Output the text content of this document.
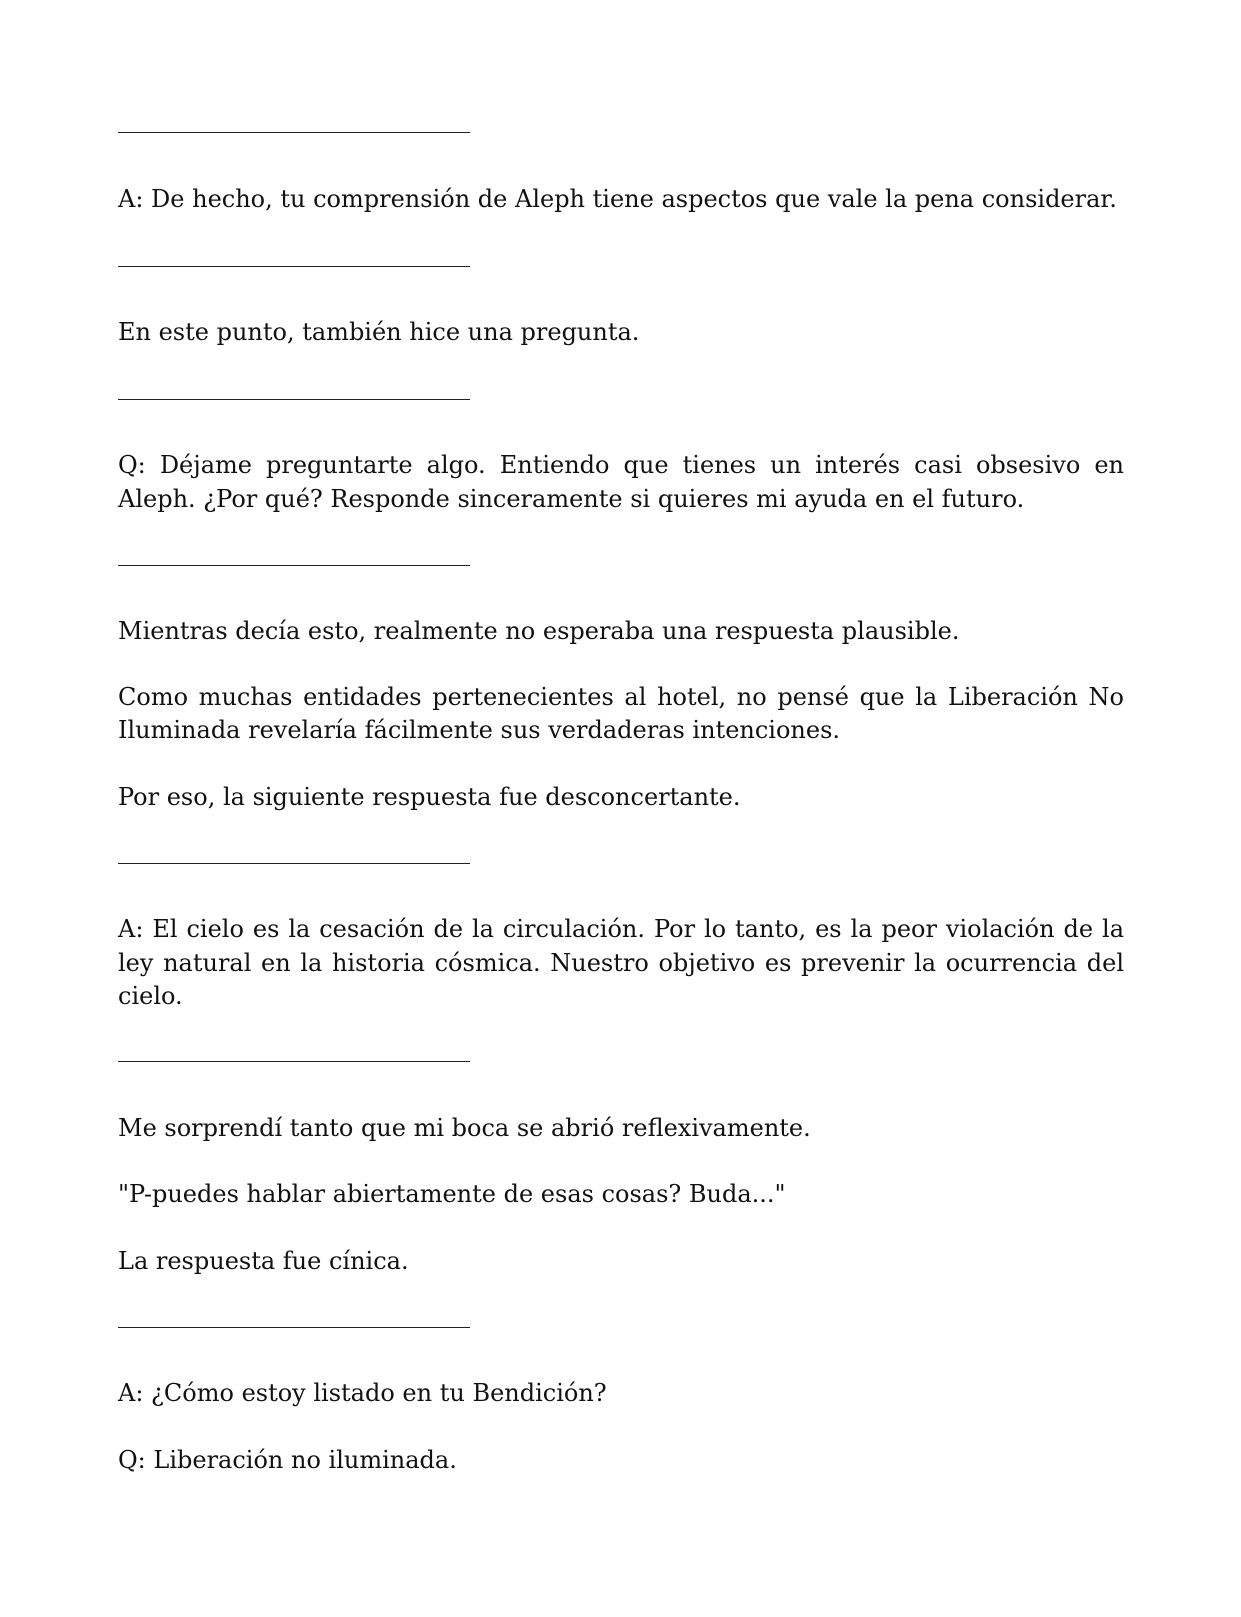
A: De hecho, tu comprensión de Aleph tiene aspectos que vale la pena considerar.

En este punto, también hice una pregunta.

Q: Déjame preguntarte algo. Entiendo que tienes un interés casi obsesivo en

Aleph. ¿Por qué? Responde sinceramente si quieres mi ayuda en el futuro.

Mientras decía esto, realmente no esperaba una respuesta plausible.

Como muchas entidades pertenecientes al hotel, no pensé que la Liberación No

Iluminada revelaría fácilmente sus verdaderas intenciones.

Por eso, la siguiente respuesta fue desconcertante.

A: El cielo es la cesación de la circulación. Por lo tanto, es la peor violación de la

ley natural en la historia cósmica. Nuestro objetivo es prevenir la ocurrencia del

cielo.

Me sorprendí tanto que mi boca se abrió reflexivamente.

"P-puedes hablar abiertamente de esas cosas? Buda..."

La respuesta fue cínica.

A: ¿Cómo estoy listado en tu Bendición?

Q: Liberación no iluminada.
